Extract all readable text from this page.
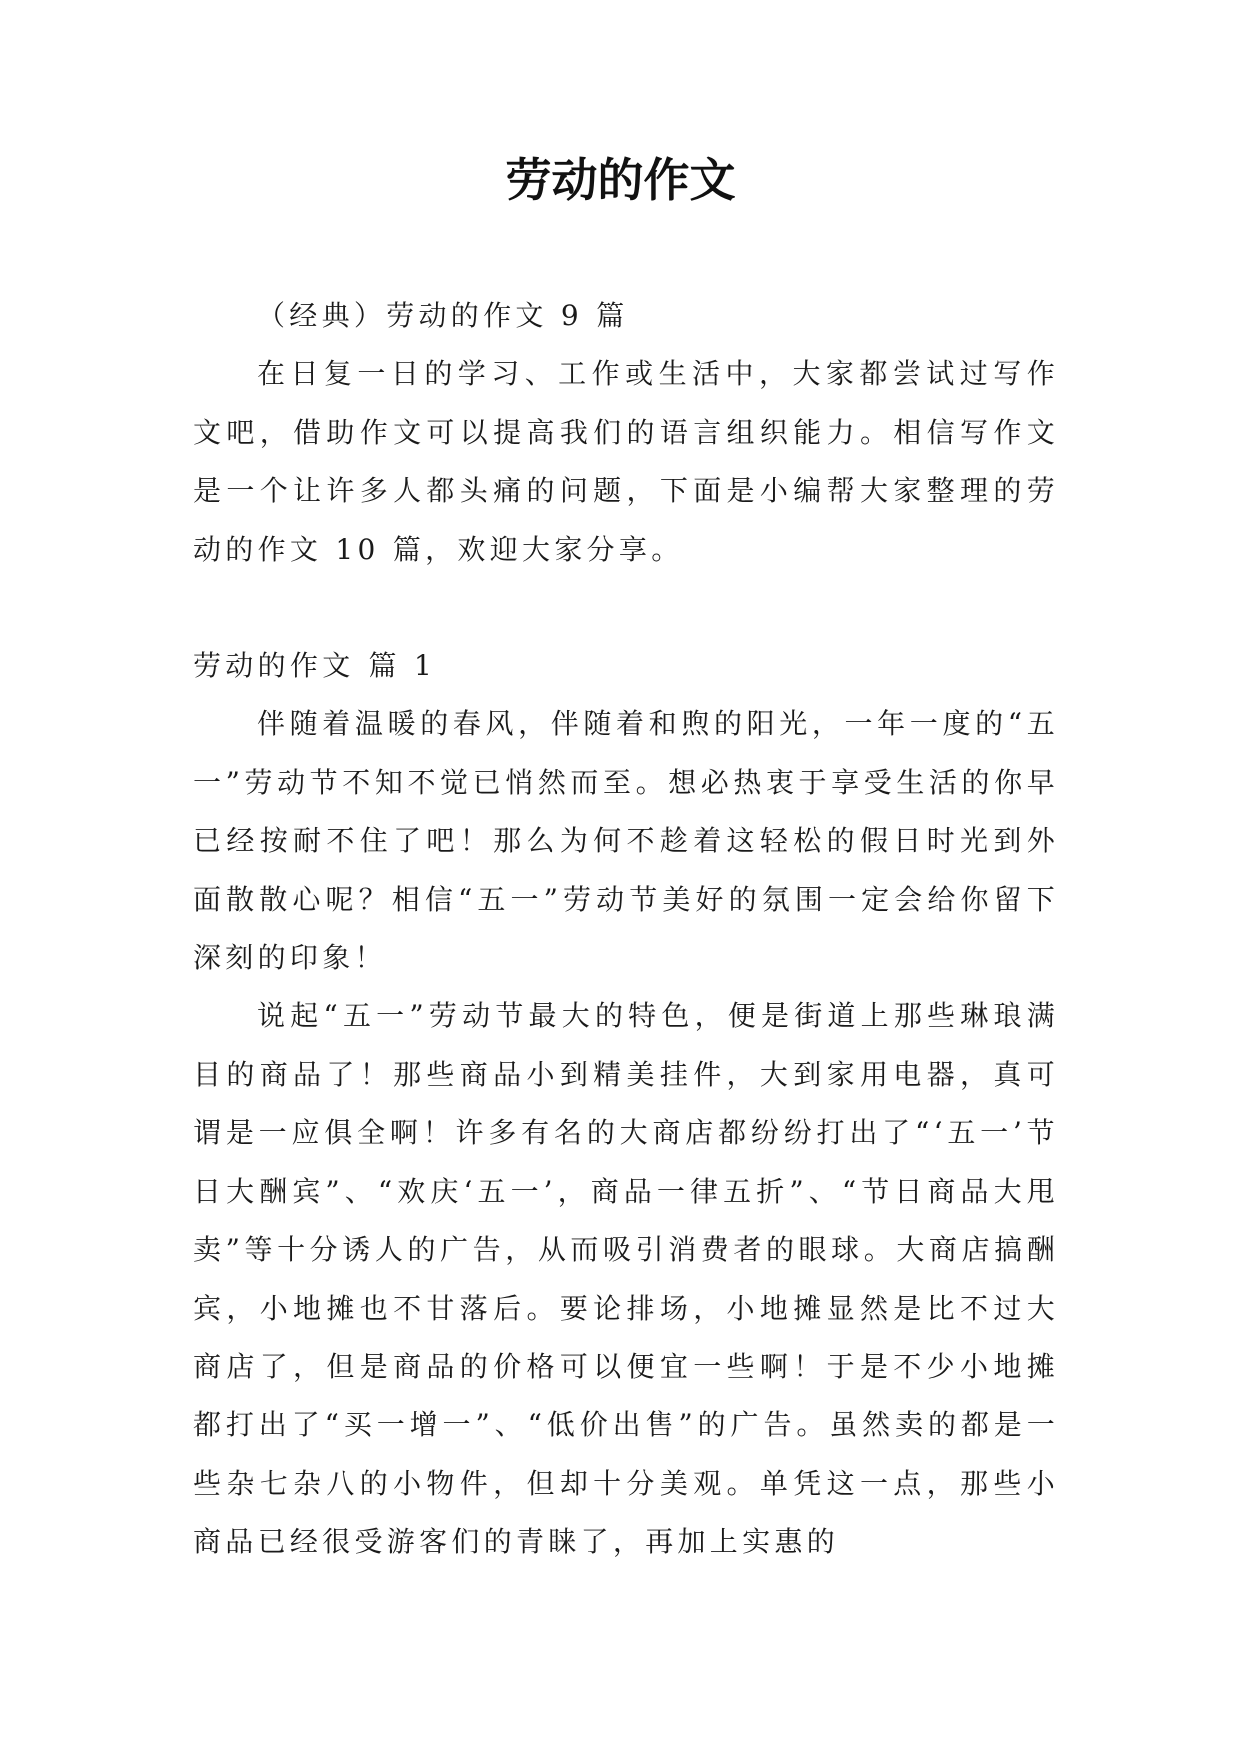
劳动的作文

（经典）劳动的作文 9 篇

在日复一日的学习、工作或生活中，大家都尝试过写作文吧，借助作文可以提高我们的语言组织能力。相信写作文是一个让许多人都头痛的问题，下面是小编帮大家整理的劳动的作文 10 篇，欢迎大家分享。

劳动的作文 篇 1

伴随着温暖的春风，伴随着和煦的阳光，一年一度的“五一”劳动节不知不觉已悄然而至。想必热衷于享受生活的你早已经按耐不住了吧！那么为何不趁着这轻松的假日时光到外面散散心呢？相信“五一”劳动节美好的氛围一定会给你留下深刻的印象！

说起“五一”劳动节最大的特色，便是街道上那些琳琅满目的商品了！那些商品小到精美挂件，大到家用电器，真可谓是一应俱全啊！许多有名的大商店都纷纷打出了“‘五一’节日大酬宾”、“欢庆‘五一’，商品一律五折”、“节日商品大甩卖”等十分诱人的广告，从而吸引消费者的眼球。大商店搞酬宾，小地摊也不甘落后。要论排场，小地摊显然是比不过大商店了，但是商品的价格可以便宜一些啊！于是不少小地摊都打出了“买一增一”、“低价出售”的广告。虽然卖的都是一些杂七杂八的小物件，但却十分美观。单凭这一点，那些小商品已经很受游客们的青睐了，再加上实惠的
